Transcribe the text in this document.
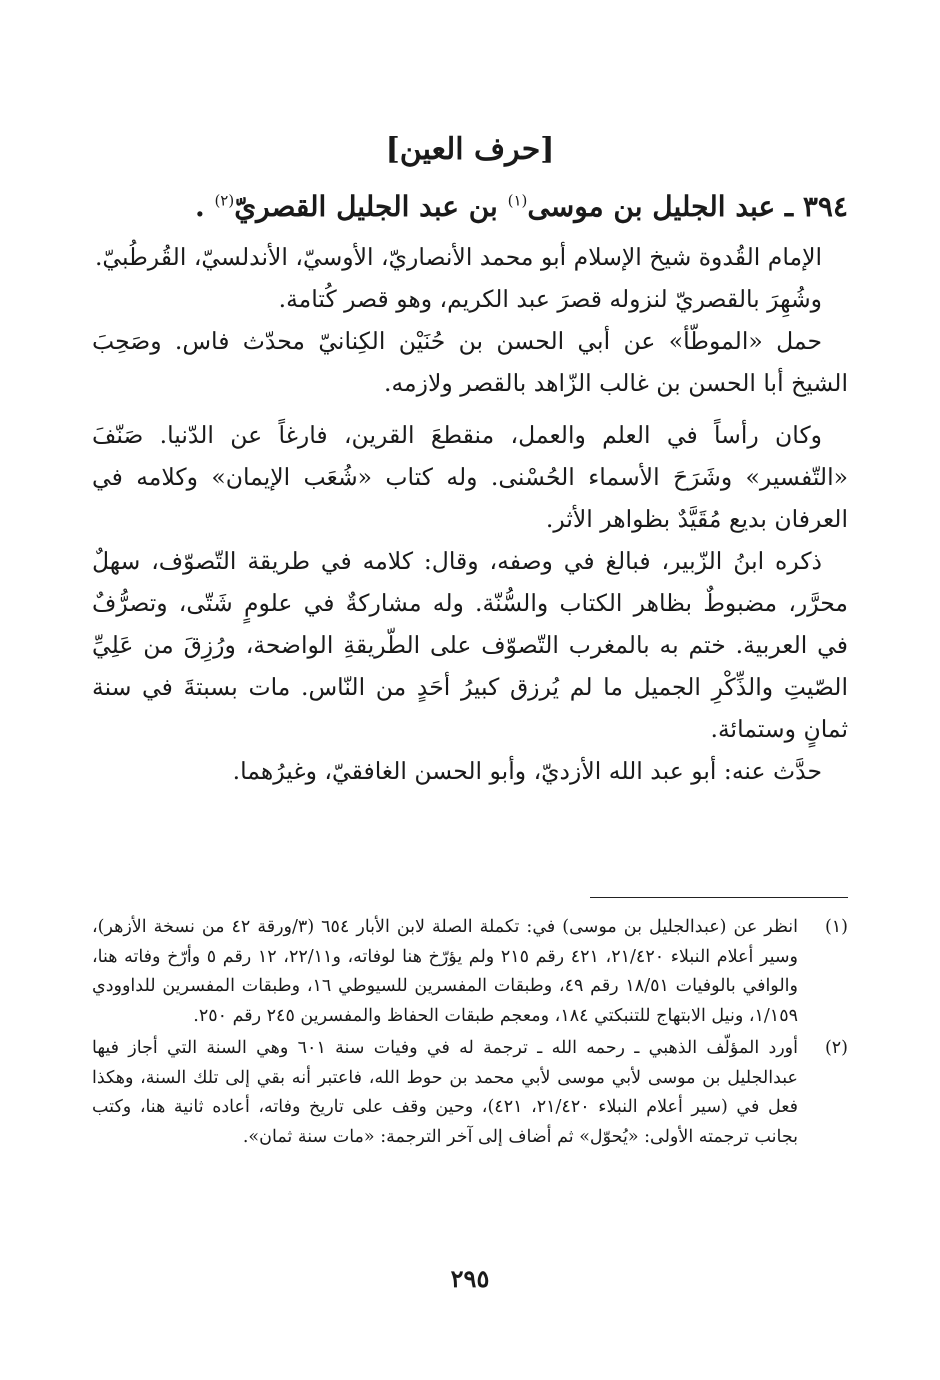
[حرف العين]
٣٩٤ ـ عبد الجليل بن موسى$^{(١)}$ بن عبد الجليل القصريّ$^{(٢)}$ .

الإمام القُدوة شيخ الإسلام أبو محمد الأنصاريّ، الأوسيّ، الأندلسيّ، القُرطُبيّ.

وشُهِرَ بالقصريّ لنزوله قصرَ عبد الكريم، وهو قصر كُتامة.

حمل «الموطّأ» عن أبي الحسن بن حُنَيْن الكِنانيّ محدّث فاس. وصَحِبَ الشيخ أبا الحسن بن غالب الزّاهد بالقصر ولازمه.

وكان رأساً في العلم والعمل، منقطعَ القرين، فارغاً عن الدّنيا. صَنّفَ «التّفسير» وشَرَحَ الأسماء الحُسْنى. وله كتاب «شُعَب الإيمان» وكلامه في العرفان بديع مُقَيَّدٌ بظواهر الأثر.

ذكره ابنُ الزّبير، فبالغ في وصفه، وقال: كلامه في طريقة التّصوّف، سهلٌ محرَّر، مضبوطٌ بظاهر الكتاب والسُّنّة. وله مشاركةٌ في علومٍ شَتّى، وتصرُّفٌ في العربية. ختم به بالمغرب التّصوّف على الطّريقةِ الواضحة، ورُزِقَ من عَلِيِّ الصّيتِ والذِّكْرِ الجميل ما لم يُرزق كبيرُ أحَدٍ من النّاس. مات بسبتةَ في سنة ثمانٍ وستمائة.

حدَّث عنه: أبو عبد الله الأزديّ، وأبو الحسن الغافقيّ، وغيرُهما.

(١)
انظر عن (عبدالجليل بن موسى) في: تكملة الصلة لابن الأبار ٦٥٤ (٣/ورقة ٤٢ من نسخة الأزهر)، وسير أعلام النبلاء ٢١/٤٢٠، ٤٢١ رقم ٢١٥ ولم يؤرّخ هنا لوفاته، و٢٢/١١، ١٢ رقم ٥ وأرّخ وفاته هنا، والوافي بالوفيات ١٨/٥١ رقم ٤٩، وطبقات المفسرين للسيوطي ١٦، وطبقات المفسرين للداوودي ١/١٥٩، ونيل الابتهاج للتنبكتي ١٨٤، ومعجم طبقات الحفاظ والمفسرين ٢٤٥ رقم ٢٥٠.
(٢)
أورد المؤلّف الذهبي ـ رحمه الله ـ ترجمة له في وفيات سنة ٦٠١ وهي السنة التي أجاز فيها عبدالجليل بن موسى لأبي موسى لأبي محمد بن حوط الله، فاعتبر أنه بقي إلى تلك السنة، وهكذا فعل في (سير أعلام النبلاء ٢١/٤٢٠، ٤٢١)، وحين وقف على تاريخ وفاته، أعاده ثانية هنا، وكتب بجانب ترجمته الأولى: «يُحوّل» ثم أضاف إلى آخر الترجمة: «مات سنة ثمان».
٢٩٥
